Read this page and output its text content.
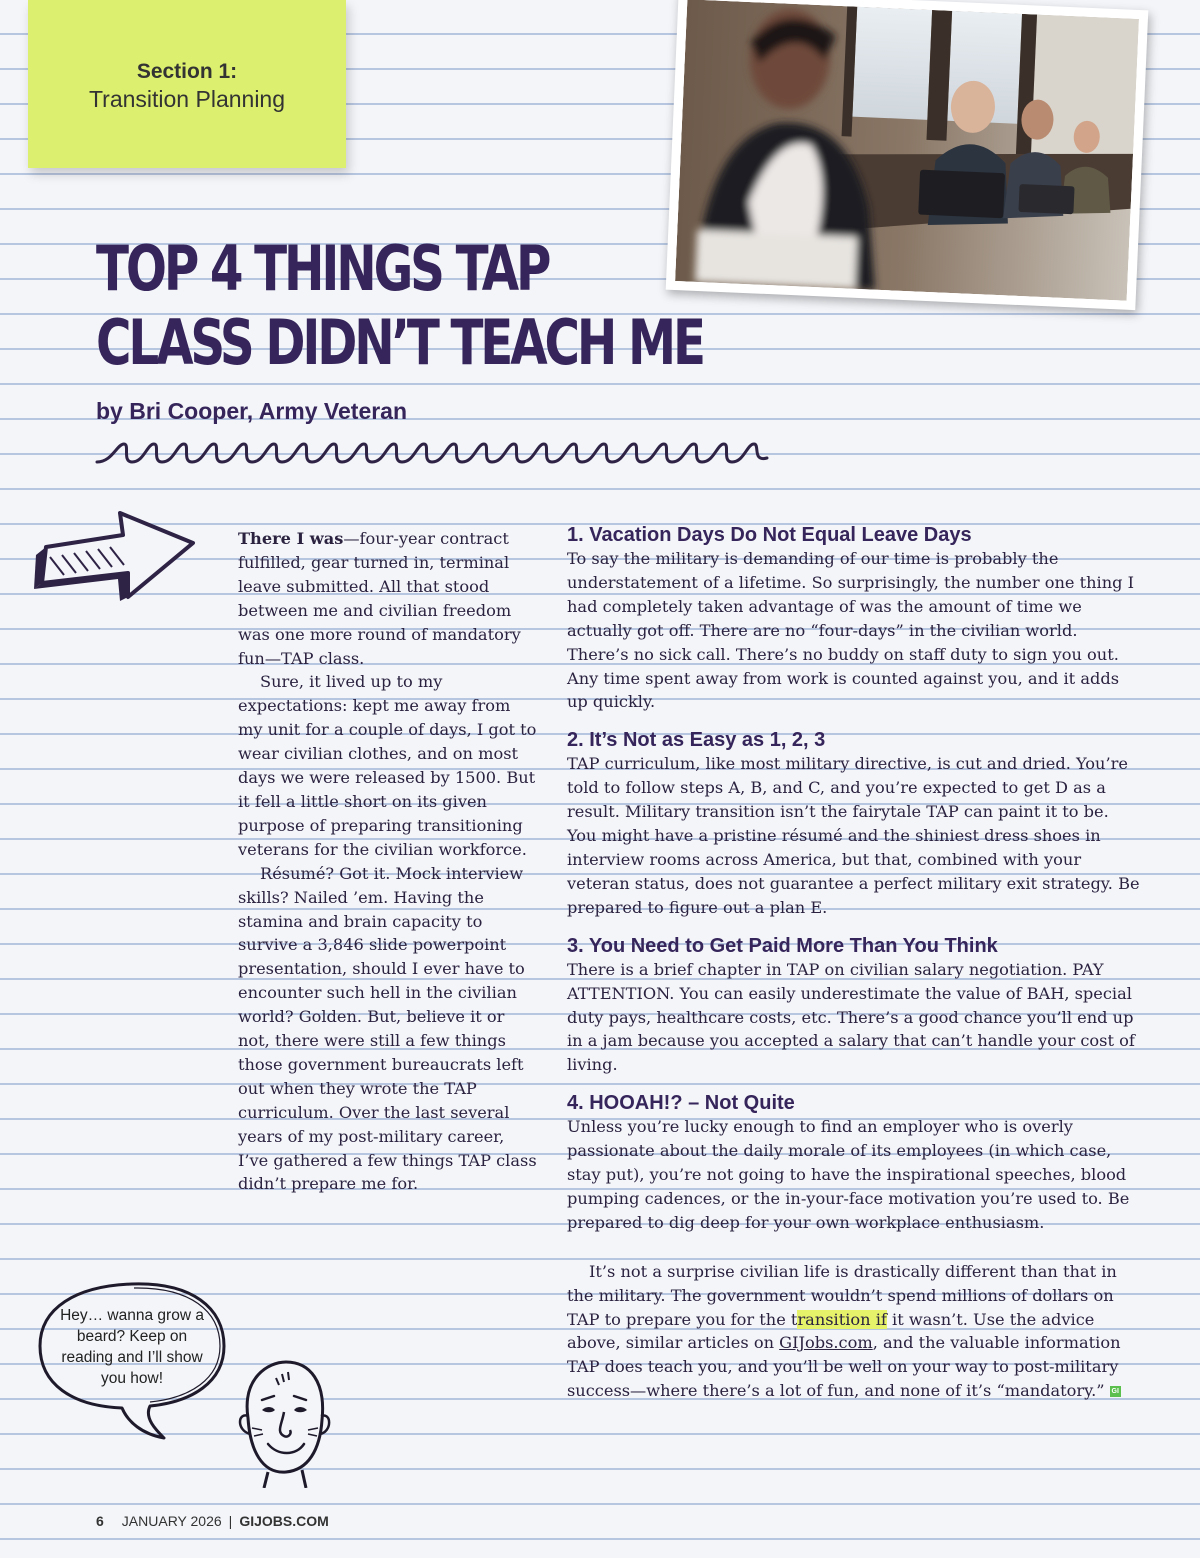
Section 1:
Transition Planning
TOP 4 THINGS TAP
CLASS DIDN’T TEACH ME
by Bri Cooper, Army Veteran

There I was—four-year contract fulfilled, gear turned in, terminal leave submitted. All that stood between me and civilian freedom was one more round of mandatory fun—TAP class.

Sure, it lived up to my expectations: kept me away from my unit for a couple of days, I got to wear civilian clothes, and on most days we were released by 1500. But it fell a little short on its given purpose of preparing transitioning veterans for the civilian workforce.

Résumé? Got it. Mock interview skills? Nailed ’em. Having the stamina and brain capacity to survive a 3,846 slide powerpoint presentation, should I ever have to encounter such hell in the civilian world? Golden. But, believe it or not, there were still a few things those government bureaucrats left out when they wrote the TAP curriculum. Over the last several years of my post-military career, I’ve gathered a few things TAP class didn’t prepare me for.

1. Vacation Days Do Not Equal Leave Days

To say the military is demanding of our time is probably the understatement of a lifetime. So surprisingly, the number one thing I had completely taken advantage of was the amount of time we actually got off. There are no “four-days” in the civilian world. There’s no sick call. There’s no buddy on staff duty to sign you out. Any time spent away from work is counted against you, and it adds up quickly.

2. It’s Not as Easy as 1, 2, 3

TAP curriculum, like most military directive, is cut and dried. You’re told to follow steps A, B, and C, and you’re expected to get D as a result. Military transition isn’t the fairytale TAP can paint it to be. You might have a pristine résumé and the shiniest dress shoes in interview rooms across America, but that, combined with your veteran status, does not guarantee a perfect military exit strategy. Be prepared to figure out a plan E.

3. You Need to Get Paid More Than You Think

There is a brief chapter in TAP on civilian salary negotiation. PAY ATTENTION. You can easily underestimate the value of BAH, special duty pays, healthcare costs, etc. There’s a good chance you’ll end up in a jam because you accepted a salary that can’t handle your cost of living.

4. HOOAH!? – Not Quite

Unless you’re lucky enough to find an employer who is overly passionate about the daily morale of its employees (in which case, stay put), you’re not going to have the inspirational speeches, blood pumping cadences, or the in-your-face motivation you’re used to. Be prepared to dig deep for your own workplace enthusiasm.

It’s not a surprise civilian life is drastically different than that in the military. The government wouldn’t spend millions of dollars on TAP to prepare you for the transition if it wasn’t. Use the advice above, similar articles on GIJobs.com, and the valuable information TAP does teach you, and you’ll be well on your way to post-military success—where there’s a lot of fun, and none of it’s “mandatory.” GI

Hey… wanna grow a beard? Keep on reading and I’ll show you how!
6 JANUARY 2026 | GIJOBS.COM
